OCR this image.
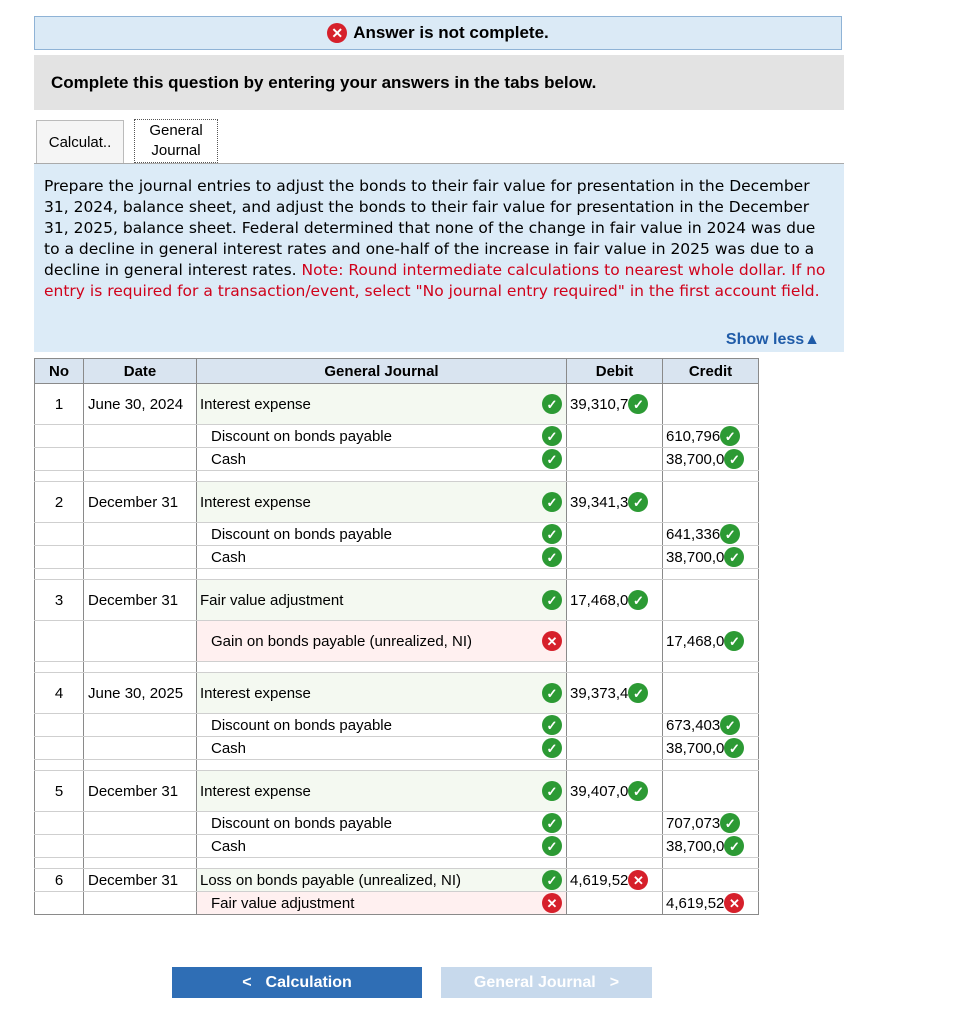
✕ Answer is not complete.
Complete this question by entering your answers in the tabs below.
Calculat..
General
Journal
Prepare the journal entries to adjust the bonds to their fair value for presentation in the December 31, 2024, balance sheet, and adjust the bonds to their fair value for presentation in the December 31, 2025, balance sheet. Federal determined that none of the change in fair value in 2024 was due to a decline in general interest rates and one-half of the increase in fair value in 2025 was due to a decline in general interest rates. Note: Round intermediate calculations to nearest whole dollar. If no entry is required for a transaction/event, select "No journal entry required" in the first account field.
Show less▲
No	Date	General Journal	Debit	Credit
1	June 30, 2024	Interest expense ✓	39,310,7 ✓	

		Discount on bonds payable ✓		610,796 ✓

		Cash ✓		38,700,0 ✓

2	December 31	Interest expense ✓	39,341,3 ✓	

		Discount on bonds payable ✓		641,336 ✓

		Cash ✓		38,700,0 ✓

3	December 31	Fair value adjustment ✓	17,468,0 ✓	

		Gain on bonds payable (unrealized, NI) ✕		17,468,0 ✓

4	June 30, 2025	Interest expense ✓	39,373,4 ✓	

		Discount on bonds payable ✓		673,403 ✓

		Cash ✓		38,700,0 ✓

5	December 31	Interest expense ✓	39,407,0 ✓	

		Discount on bonds payable ✓		707,073 ✓

		Cash ✓		38,700,0 ✓

6	December 31	Loss on bonds payable (unrealized, NI) ✓	4,619,52 ✕	

		Fair value adjustment ✕		4,619,52 ✕
< Calculation	General Journal >
